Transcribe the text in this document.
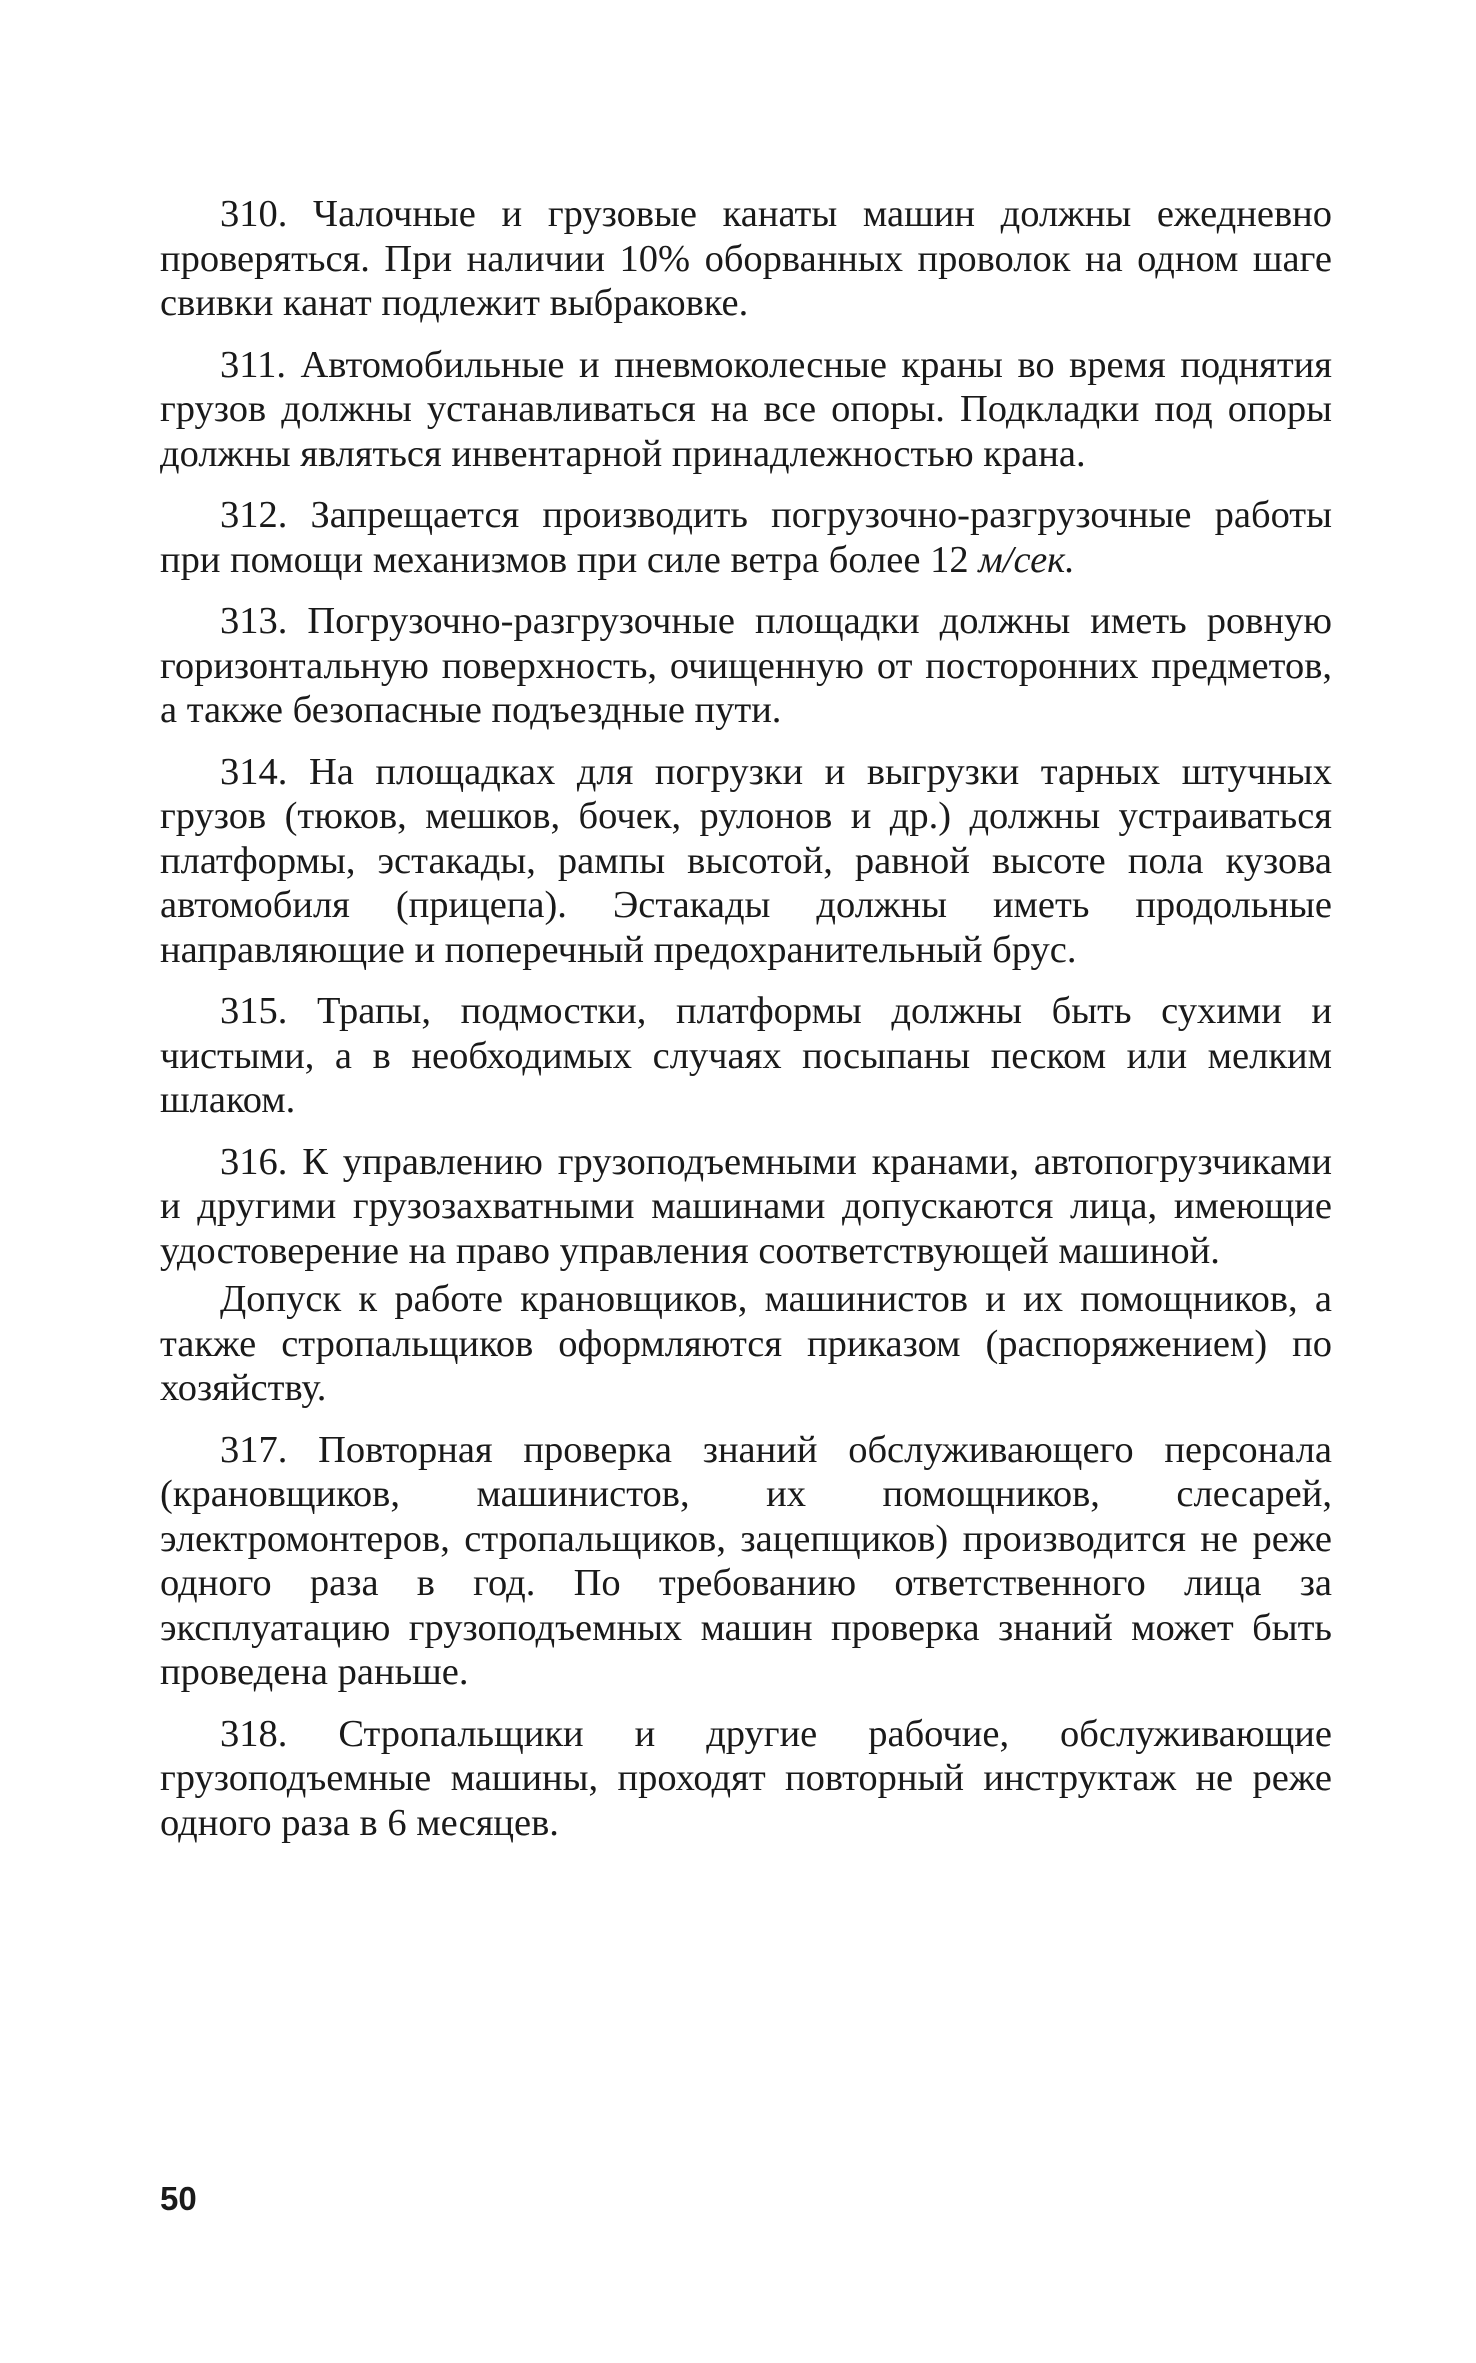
310. Чалочные и грузовые канаты машин должны ежедневно проверяться. При наличии 10% оборванных проволок на одном шаге свивки канат подлежит выбраковке.

311. Автомобильные и пневмоколесные краны во время поднятия грузов должны устанавливаться на все опоры. Подкладки под опоры должны являться инвентарной принадлежностью крана.

312. Запрещается производить погрузочно-разгрузочные работы при помощи механизмов при силе ветра более 12 м/сек.

313. Погрузочно-разгрузочные площадки должны иметь ровную горизонтальную поверхность, очищенную от посторонних предметов, а также безопасные подъездные пути.

314. На площадках для погрузки и выгрузки тарных штучных грузов (тюков, мешков, бочек, рулонов и др.) должны устраиваться платформы, эстакады, рампы высотой, равной высоте пола кузова автомобиля (прицепа). Эстакады должны иметь продольные направляющие и поперечный предохранительный брус.

315. Трапы, подмостки, платформы должны быть сухими и чистыми, а в необходимых случаях посыпаны песком или мелким шлаком.

316. К управлению грузоподъемными кранами, автопогрузчиками и другими грузозахватными машинами допускаются лица, имеющие удостоверение на право управления соответствующей машиной.

Допуск к работе крановщиков, машинистов и их помощников, а также стропальщиков оформляются приказом (распоряжением) по хозяйству.

317. Повторная проверка знаний обслуживающего персонала (крановщиков, машинистов, их помощников, слесарей, электромонтеров, стропальщиков, зацепщиков) производится не реже одного раза в год. По требованию ответственного лица за эксплуатацию грузоподъемных машин проверка знаний может быть проведена раньше.

318. Стропальщики и другие рабочие, обслуживающие грузоподъемные машины, проходят повторный инструктаж не реже одного раза в 6 месяцев.

50
